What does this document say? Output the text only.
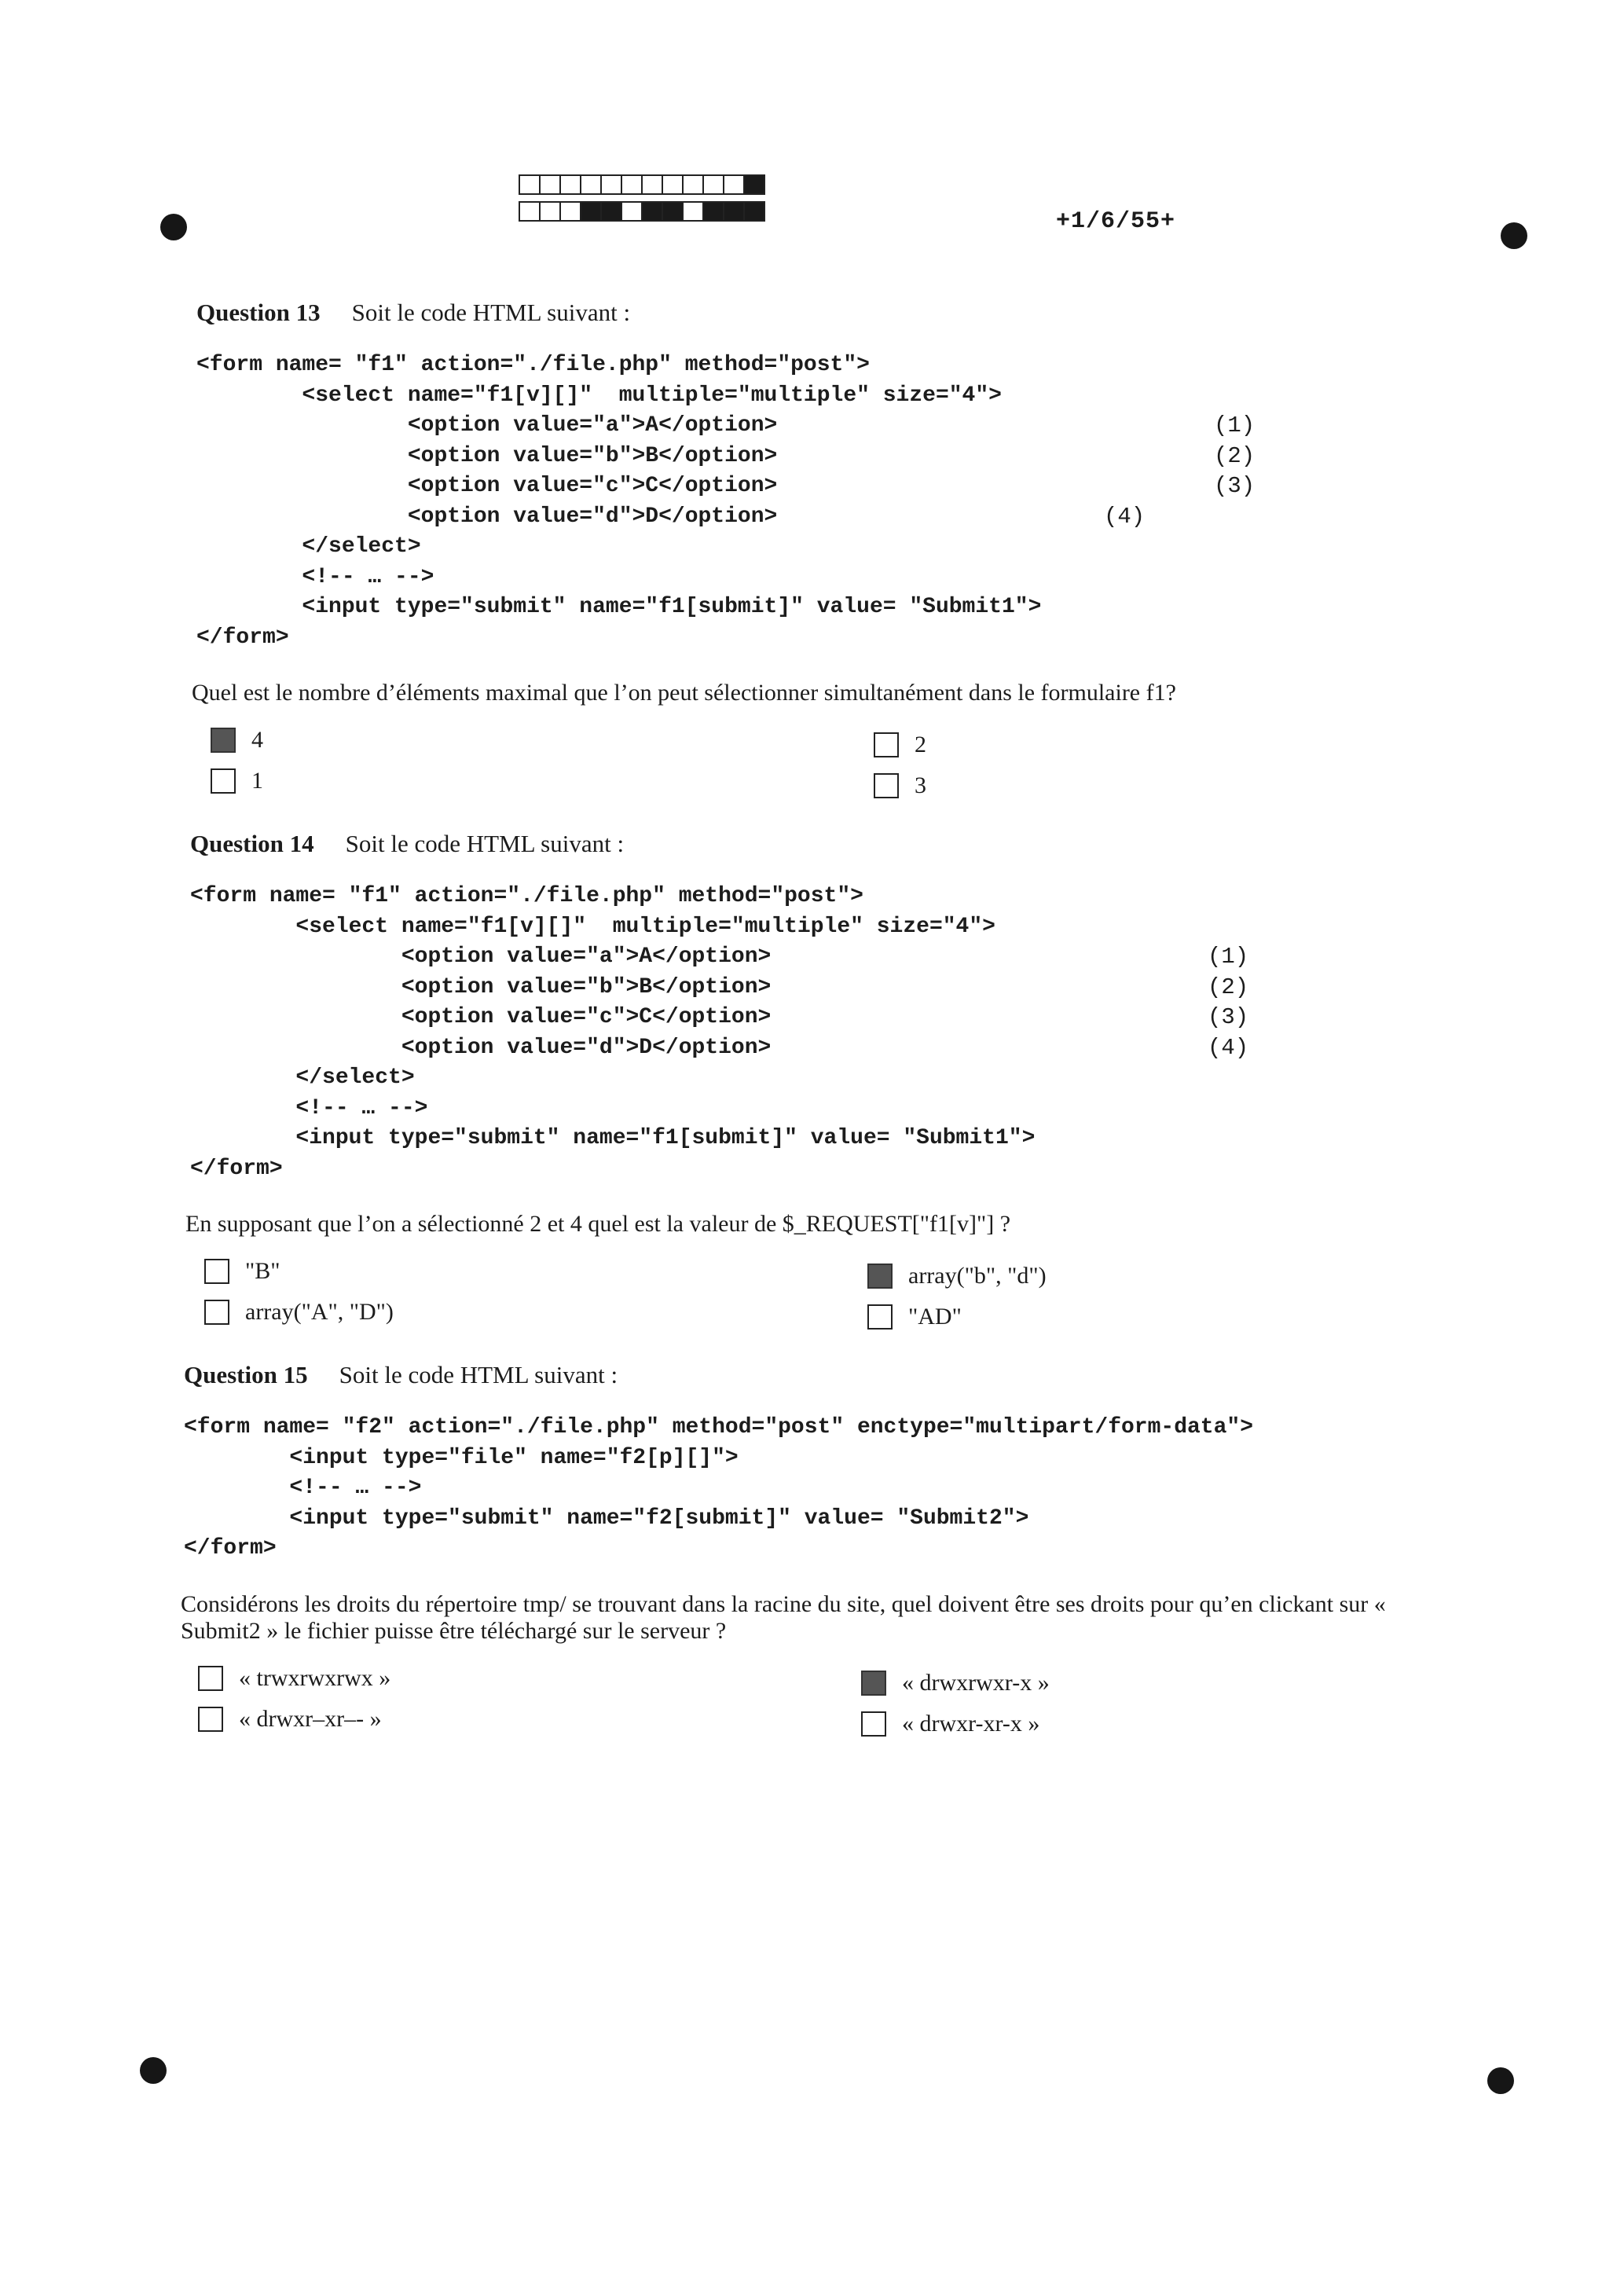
+1/6/55+
Question 13 Soit le code HTML suivant :
<form name= "f1" action="./file.php" method="post">
<select name="f1[v][]"  multiple="multiple" size="4">
<option value="a">A</option>	(1)
<option value="b">B</option>	(2)
<option value="c">C</option>	(3)
<option value="d">D</option>	(4)
</select>
<!-- … -->
<input type="submit" name="f1[submit]" value= "Submit1">
</form>
Quel est le nombre d’éléments maximal que l’on peut sélectionner simultanément dans le formulaire f1?
4
1
2
3
Question 14 Soit le code HTML suivant :
<form name= "f1" action="./file.php" method="post">
<select name="f1[v][]"  multiple="multiple" size="4">
<option value="a">A</option>	(1)
<option value="b">B</option>	(2)
<option value="c">C</option>	(3)
<option value="d">D</option>	(4)
</select>
<!-- … -->
<input type="submit" name="f1[submit]" value= "Submit1">
</form>
En supposant que l’on a sélectionné 2 et 4 quel est la valeur de $_REQUEST["f1[v]"] ?
"B"
array("A", "D")
array("b", "d")
"AD"
Question 15 Soit le code HTML suivant :
<form name= "f2" action="./file.php" method="post" enctype="multipart/form-data">
<input type="file" name="f2[p][]">
<!-- … -->
<input type="submit" name="f2[submit]" value= "Submit2">
</form>
Considérons les droits du répertoire tmp/ se trouvant dans la racine du site, quel doivent être ses droits pour qu’en clickant sur « Submit2 » le fichier puisse être téléchargé sur le serveur ?
« trwxrwxrwx »
« drwxr–xr–- »
« drwxrwxr-x »
« drwxr-xr-x »
